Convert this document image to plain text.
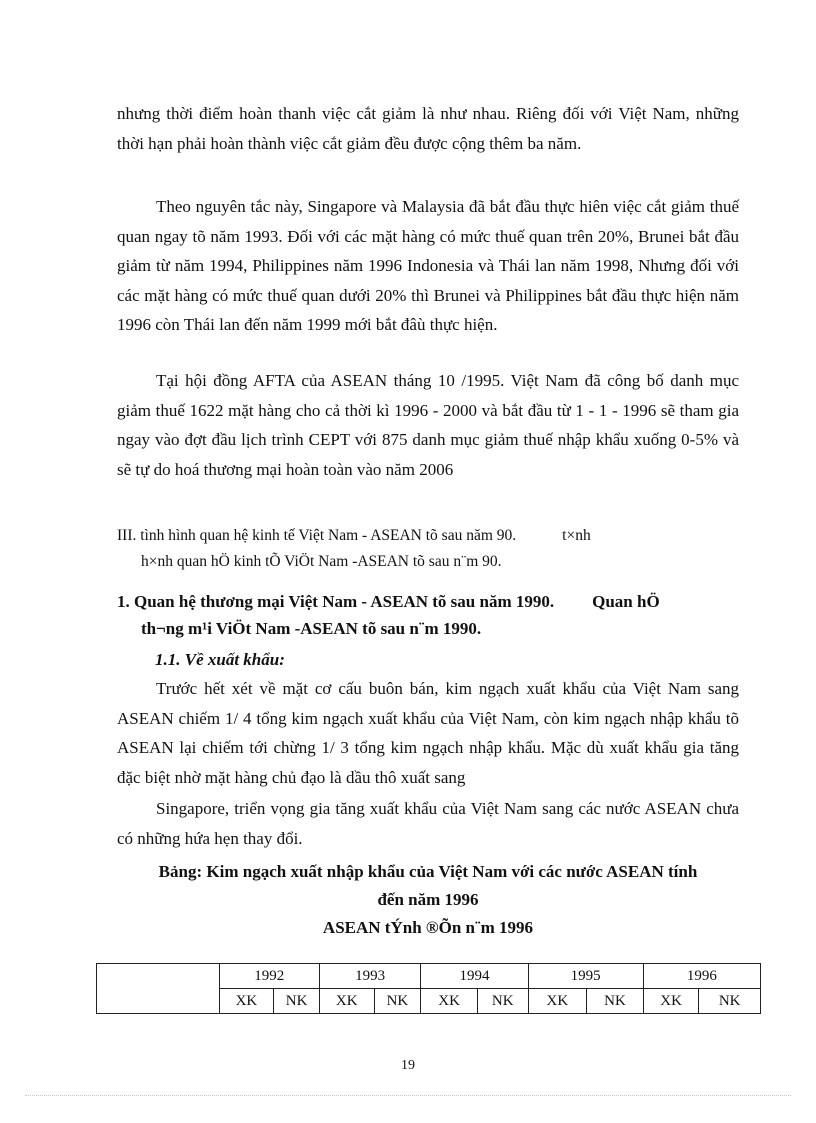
nhưng thời điểm hoàn thanh việc cắt giảm là như nhau. Riêng đối với Việt Nam, những thời hạn phải hoàn thành việc cắt giảm đều được cộng thêm ba năm.

Theo nguyên tắc này, Singapore và Malaysia đã bắt đầu thực hiên việc cắt giảm thuế quan ngay tõ năm 1993. Đối với các mặt hàng có mức thuế quan trên 20%, Brunei bắt đầu giảm từ năm 1994, Philippines năm 1996 Indonesia và Thái lan năm 1998, Nhưng đối với các mặt hàng có mức thuế quan dưới 20% thì Brunei và Philippines bắt đầu thực hiện năm 1996 còn Thái lan đến năm 1999 mới bắt đâù thực hiện.

Tại hội đồng AFTA của ASEAN tháng 10 /1995. Việt Nam đã công bố danh mục giảm thuế 1622 mặt hàng cho cả thời kì 1996 - 2000 và bắt đầu từ 1 - 1 - 1996 sẽ tham gia ngay vào đợt đầu lịch trình CEPT với 875 danh mục giảm thuế nhập khẩu xuống 0-5% và sẽ tự do hoá thương mại hoàn toàn vào năm 2006

III. tình hình quan hệ kinh tế Việt Nam - ASEAN tõ sau năm 90.	t×nh
h×nh quan hÖ kinh tÕ ViÖt Nam -ASEAN tõ sau n¨m 90.

1. Quan hệ thương mại Việt Nam - ASEAN tõ sau năm 1990. Quan hÖ
th¬ng m¹i ViÖt Nam -ASEAN tõ sau n¨m 1990.

1.1. Về xuất khẩu:

Trước hết xét về mặt cơ cấu buôn bán, kim ngạch xuất khẩu của Việt Nam sang ASEAN chiếm 1/ 4 tổng kim ngạch xuất khẩu của Việt Nam, còn kim ngạch nhập khẩu tõ ASEAN lại chiếm tới chừng 1/ 3 tổng kim ngạch nhập khẩu. Mặc dù xuất khẩu gia tăng đặc biệt nhờ mặt hàng chủ đạo là dầu thô xuất sang

Singapore, triển vọng gia tăng xuất khẩu của Việt Nam sang các nước ASEAN chưa có những hứa hẹn thay đổi.

Bảng: Kim ngạch xuất nhập khẩu của Việt Nam với các nước ASEAN tính
đến năm 1996
ASEAN tÝnh ®Õn n¨m 1996

	1992		1993		1994		1995		1996	
	XK	NK	XK	NK	XK	NK	XK	NK	XK	NK

19
